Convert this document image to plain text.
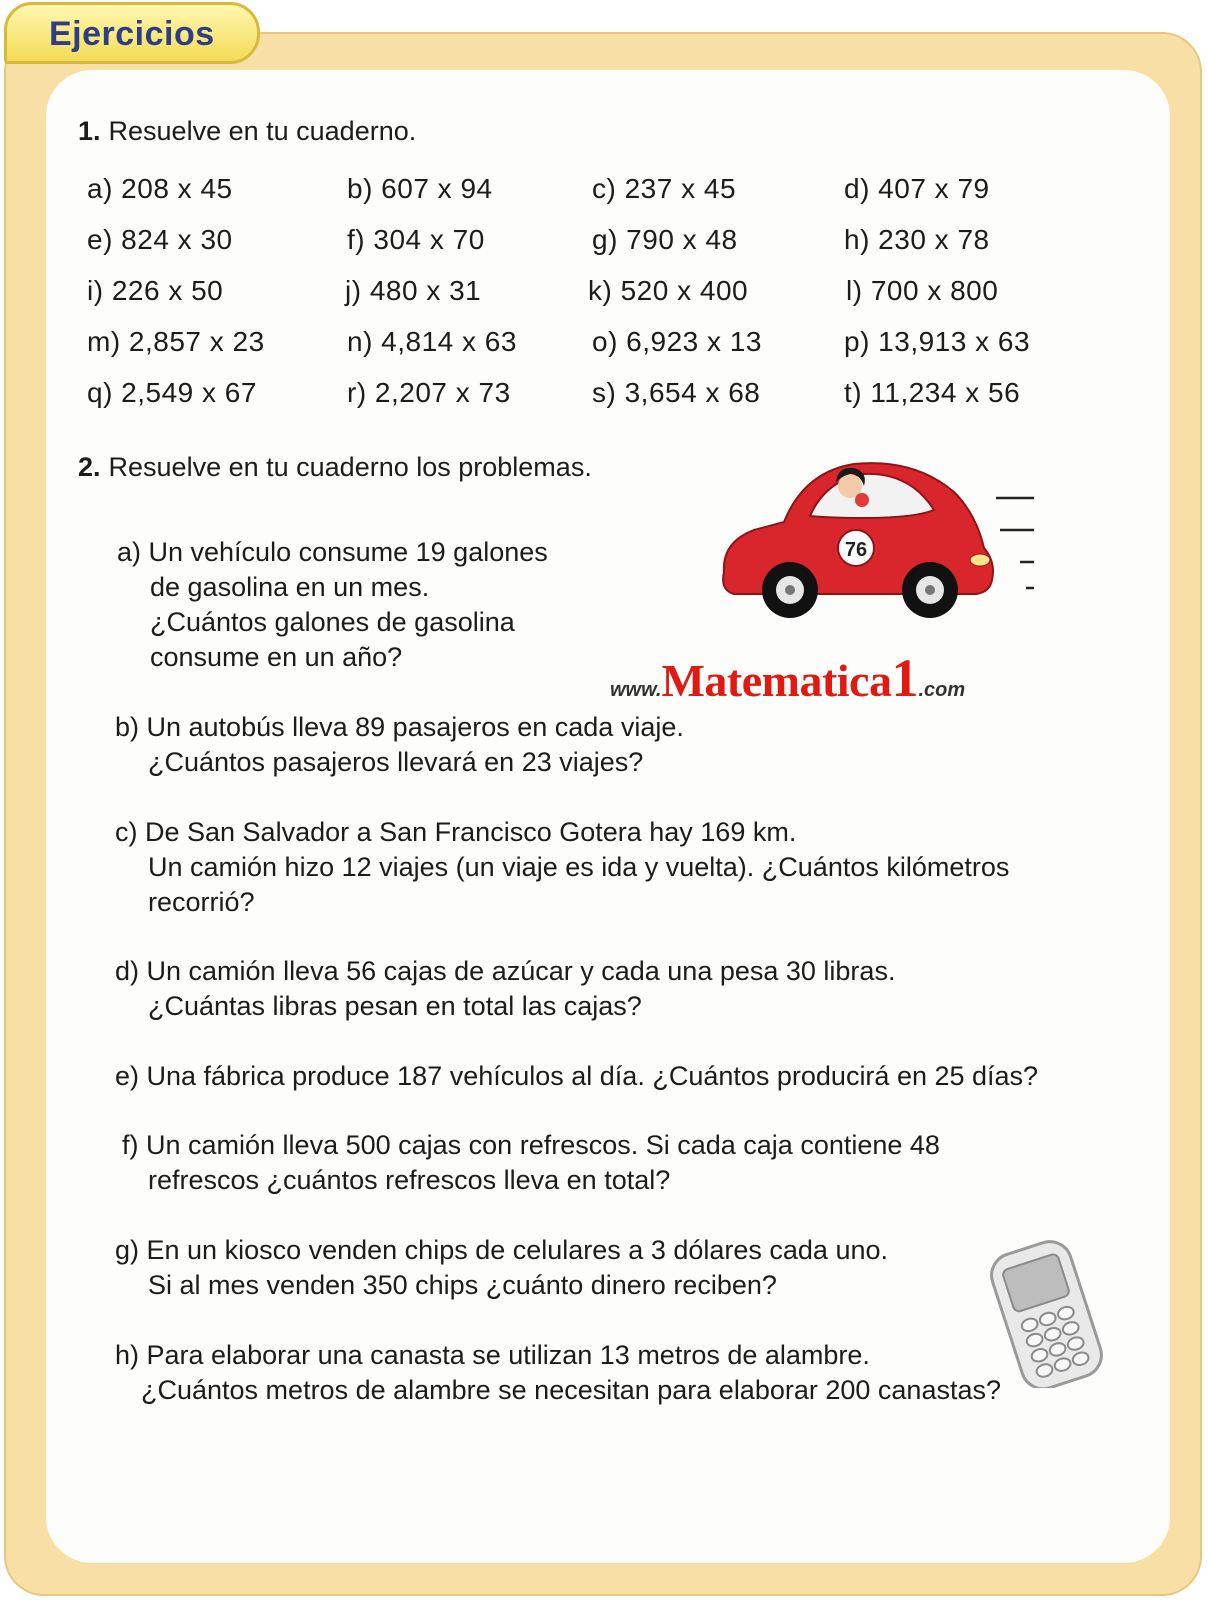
Ejercicios
1. Resuelve en tu cuaderno.
a) 208 x 45	b) 607 x 94	c) 237 x 45	d) 407 x 79
e) 824 x 30	f) 304 x 70	g) 790 x 48	h) 230 x 78
i) 226 x 50	j) 480 x 31	k) 520 x 400	l) 700 x 800
m) 2,857 x 23	n) 4,814 x 63	o) 6,923 x 13	p) 13,913 x 63
q) 2,549 x 67	r) 2,207 x 73	s) 3,654 x 68	t) 11,234 x 56
2. Resuelve en tu cuaderno los problemas.
a) Un vehículo consume 19 galones
de gasolina en un mes.
¿Cuántos galones de gasolina
consume en un año?
b) Un autobús lleva 89 pasajeros en cada viaje.
¿Cuántos pasajeros llevará en 23 viajes?
c) De San Salvador a San Francisco Gotera hay 169 km.
Un camión hizo 12 viajes (un viaje es ida y vuelta). ¿Cuántos kilómetros
recorrió?
d) Un camión lleva 56 cajas de azúcar y cada una pesa 30 libras.
¿Cuántas libras pesan en total las cajas?
e) Una fábrica produce 187 vehículos al día. ¿Cuántos producirá en 25 días?
f) Un camión lleva 500 cajas con refrescos. Si cada caja contiene 48
refrescos ¿cuántos refrescos lleva en total?
g) En un kiosco venden chips de celulares a 3 dólares cada uno.
Si al mes venden 350 chips ¿cuánto dinero reciben?
h) Para elaborar una canasta se utilizan 13 metros de alambre.
¿Cuántos metros de alambre se necesitan para elaborar 200 canastas?
76
www.Matematica1.com
